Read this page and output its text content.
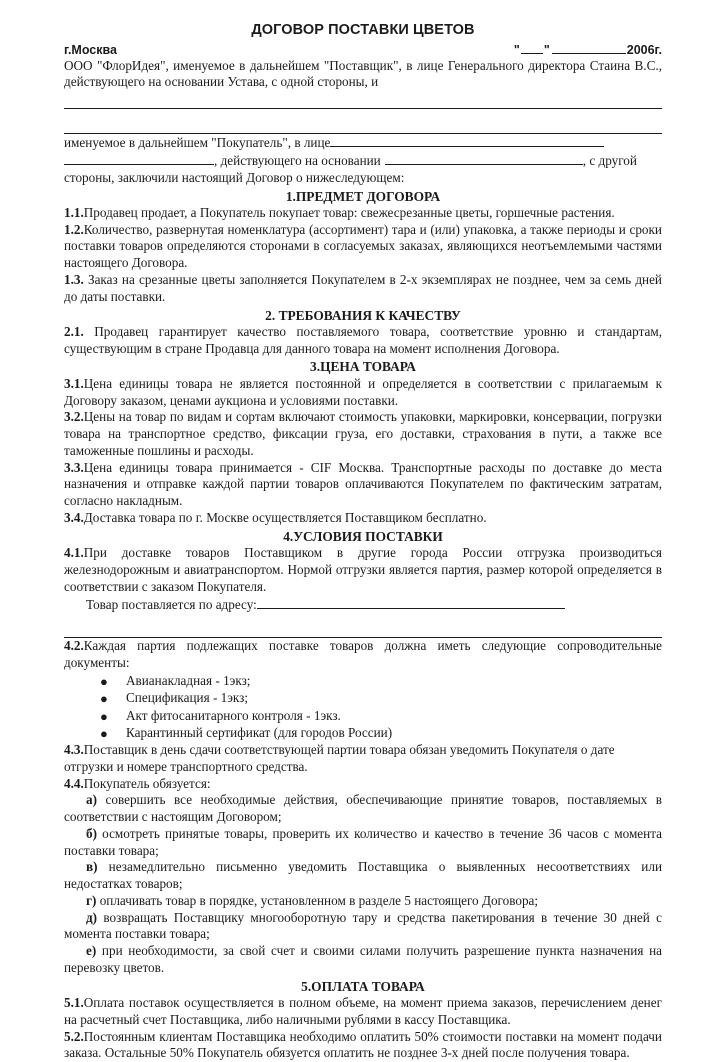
ДОГОВОР ПОСТАВКИ ЦВЕТОВ
г.Москва	" "	2006г.

ООО "ФлорИдея", именуемое в дальнейшем "Поставщик", в лице Генерального директора Стаина В.С., действующего на основании Устава, с одной стороны, и

именуемое в дальнейшем "Покупатель", в лице

, действующего на основании	, с другой

стороны, заключили настоящий Договор о нижеследующем:

1.ПРЕДМЕТ ДОГОВОРА

1.1.Продавец продает, а Покупатель покупает товар: свежесрезанные цветы, горшечные растения.

1.2.Количество, развернутая номенклатура (ассортимент) тара и (или) упаковка, а также периоды и сроки поставки товаров определяются сторонами в согласуемых заказах, являющихся неотъемлемыми частями настоящего Договора.

1.3. Заказ на срезанные цветы заполняется Покупателем в 2-х экземплярах не позднее, чем за семь дней до даты поставки.

2. ТРЕБОВАНИЯ К КАЧЕСТВУ

2.1. Продавец гарантирует качество поставляемого товара, соответствие уровню и стандартам, существующим в стране Продавца для данного товара на момент исполнения Договора.

3.ЦЕНА ТОВАРА

3.1.Цена единицы товара не является постоянной и определяется в соответствии с прилагаемым к Договору заказом, ценами аукциона и условиями поставки.

3.2.Цены на товар по видам и сортам включают стоимость упаковки, маркировки, консервации, погрузки товара на транспортное средство, фиксации груза, его доставки, страхования в пути, а также все таможенные пошлины и расходы.

3.3.Цена единицы товара принимается - CIF Москва. Транспортные расходы по доставке до места назначения и отправке каждой партии товаров оплачиваются Покупателем по фактическим затратам, согласно накладным.

3.4.Доставка товара по г. Москве осуществляется Поставщиком бесплатно.

4.УСЛОВИЯ ПОСТАВКИ

4.1.При доставке товаров Поставщиком в другие города России отгрузка производиться железнодорожным и авиатранспортом. Нормой отгрузки является партия, размер которой определяется в соответствии с заказом Покупателя.

Товар поставляется по адресу:

4.2.Каждая партия подлежащих поставке товаров должна иметь следующие сопроводительные документы:

● Авианакладная - 1экз;
● Спецификация - 1экз;
● Акт фитосанитарного контроля - 1экз.
● Карантинный сертификат (для городов России)

4.3.Поставщик в день сдачи соответствующей партии товара обязан уведомить Покупателя о дате отгрузки и номере транспортного средства.

4.4.Покупатель обязуется:

а) совершить все необходимые действия, обеспечивающие принятие товаров, поставляемых в соответствии с настоящим Договором;

б) осмотреть принятые товары, проверить их количество и качество в течение 36 часов с момента поставки товара;

в) незамедлительно письменно уведомить Поставщика о выявленных несоответствиях или недостатках товаров;

г) оплачивать товар в порядке, установленном в разделе 5 настоящего Договора;

д) возвращать Поставщику многооборотную тару и средства пакетирования в течение 30 дней с момента поставки товара;

е) при необходимости, за свой счет и своими силами получить разрешение пункта назначения на перевозку цветов.

5.ОПЛАТА ТОВАРА

5.1.Оплата поставок осуществляется в полном объеме, на момент приема заказов, перечислением денег на расчетный счет Поставщика, либо наличными рублями в кассу Поставщика.

5.2.Постоянным клиентам Поставщика необходимо оплатить 50% стоимости поставки на момент подачи заказа. Остальные 50% Покупатель обязуется оплатить не позднее 3-х дней после получения товара.
